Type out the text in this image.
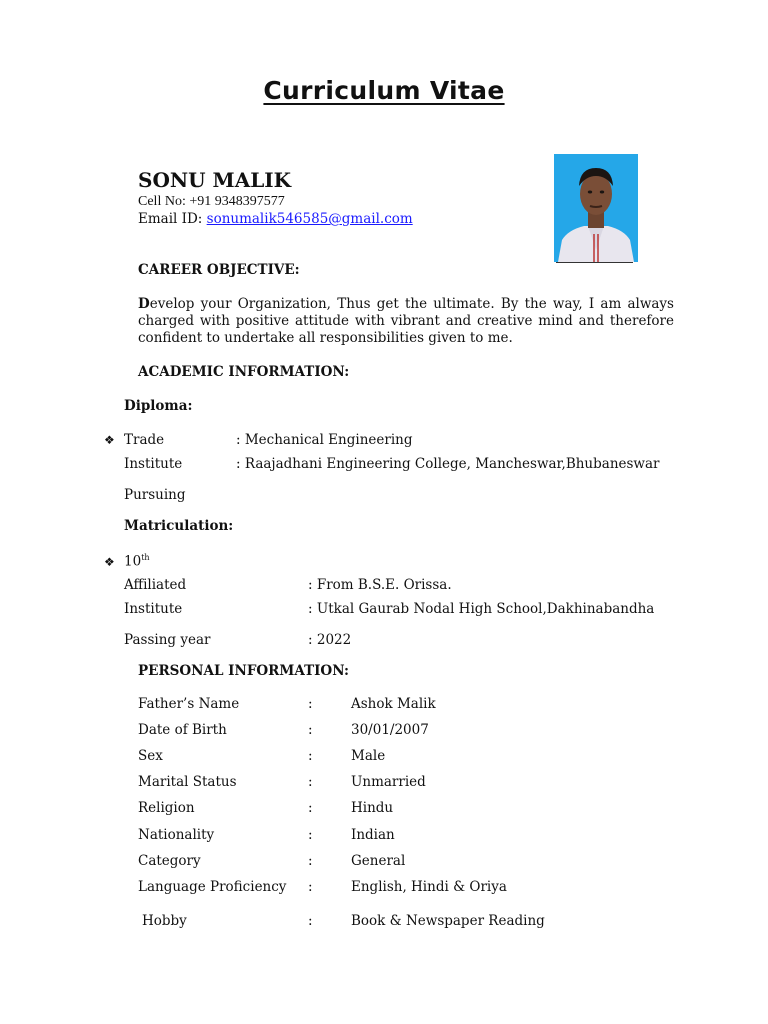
Curriculum Vitae
SONU MALIK
Cell No: +91 9348397577
Email ID: sonumalik546585@gmail.com
CAREER OBJECTIVE:
Develop your Organization, Thus get the ultimate. By the way, I am always charged with positive attitude with vibrant and creative mind and therefore confident to undertake all responsibilities given to me.
ACADEMIC INFORMATION:
Diploma:
❖ Trade	: Mechanical Engineering
Institute	: Raajadhani Engineering College, Mancheswar,Bhubaneswar
Pursuing
Matriculation:
❖ 10th
Affiliated	: From B.S.E. Orissa.
Institute	: Utkal Gaurab Nodal High School,Dakhinabandha
Passing year	: 2022
PERSONAL INFORMATION:
Father’s Name	:	Ashok Malik
Date of Birth	:	30/01/2007
Sex	:	Male
Marital Status	:	Unmarried
Religion	:	Hindu
Nationality	:	Indian
Category	:	General
Language Proficiency :	English, Hindi & Oriya
Hobby	:	Book & Newspaper Reading
